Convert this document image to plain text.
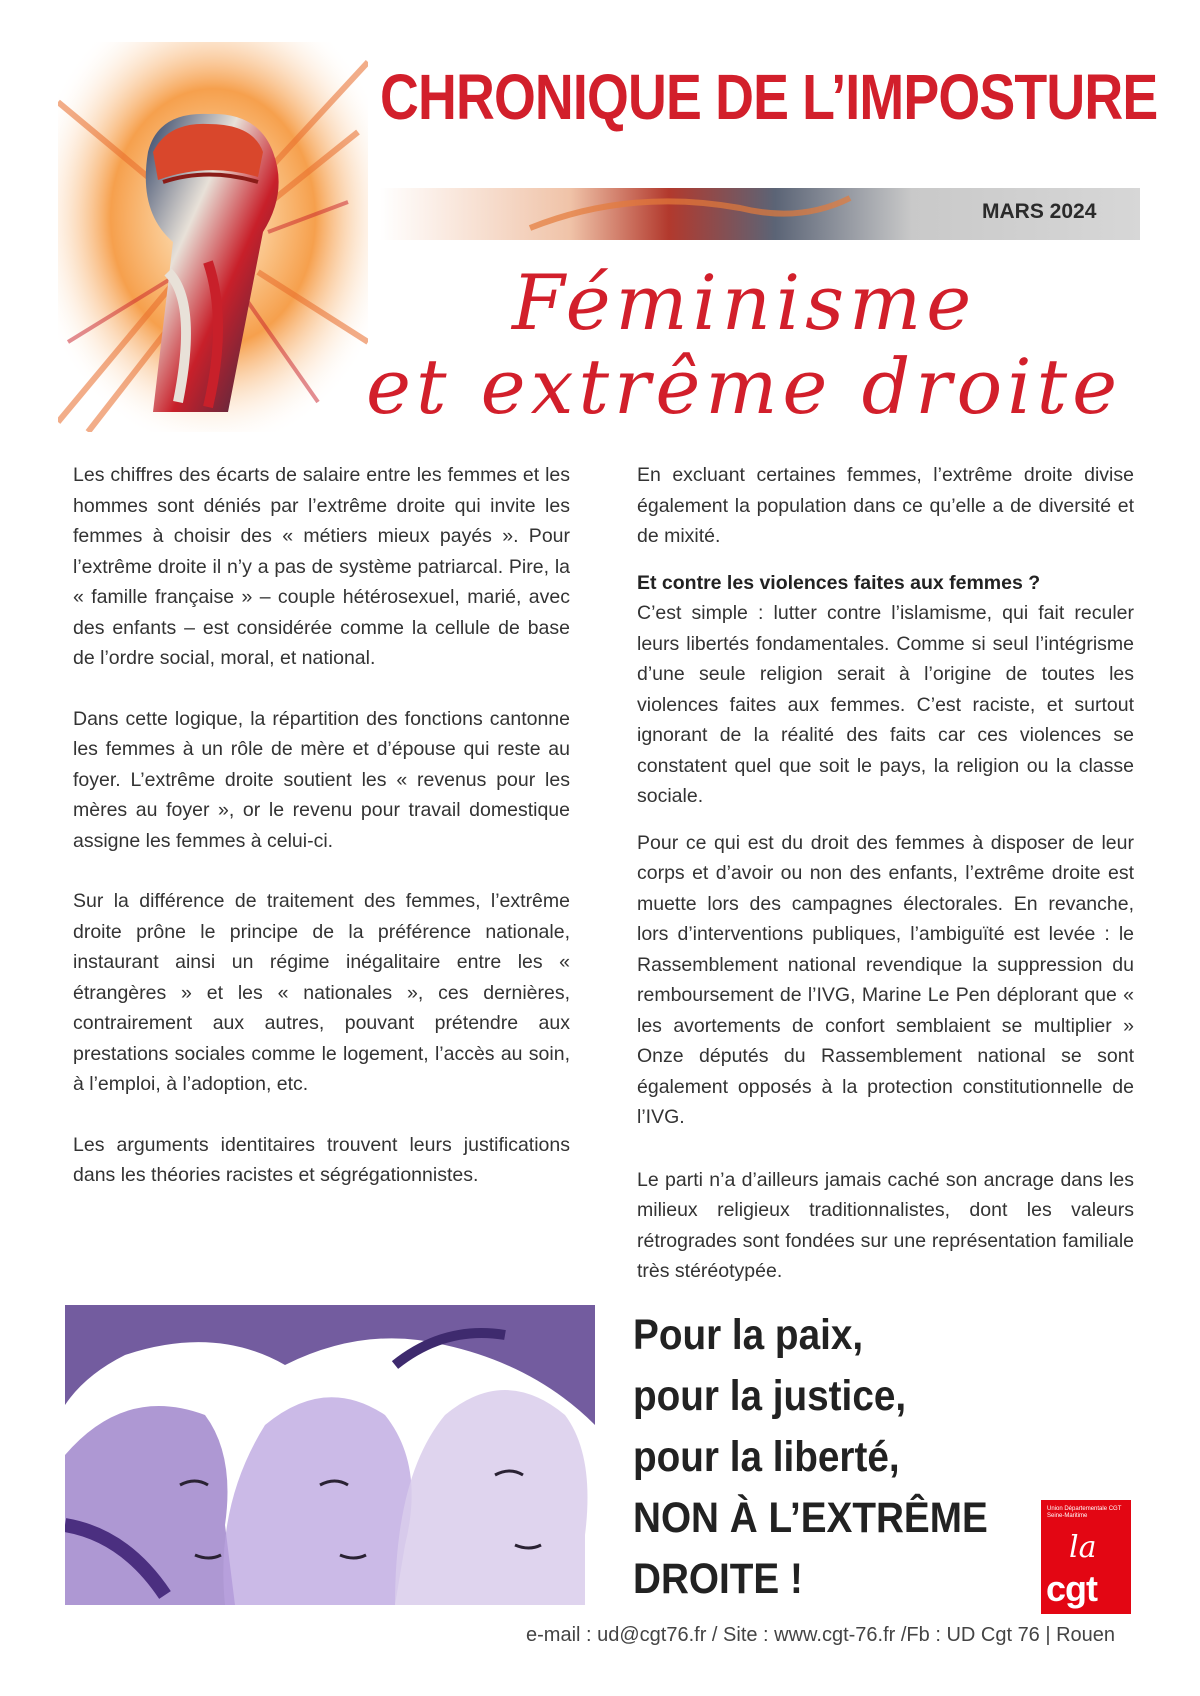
CHRONIQUE DE L’IMPOSTURE
MARS 2024
Féminisme
et extrême droite

Les chiffres des écarts de salaire entre les femmes et les hommes sont déniés par l’extrême droite qui invite les femmes à choisir des « métiers mieux payés ». Pour l’extrême droite il n’y a pas de système patriarcal. Pire, la « famille française » – couple hétérosexuel, marié, avec des enfants – est considérée comme la cellule de base de l’ordre social, moral, et national.

Dans cette logique, la répartition des fonctions cantonne les femmes à un rôle de mère et d’épouse qui reste au foyer. L’extrême droite soutient les « revenus pour les mères au foyer », or le revenu pour travail domestique assigne les femmes à celui-ci.

Sur la différence de traitement des femmes, l’extrême droite prône le principe de la préférence nationale, instaurant ainsi un régime inégalitaire entre les « étrangères » et les « nationales », ces dernières, contrairement aux autres, pouvant prétendre aux prestations sociales comme le logement, l’accès au soin, à l’emploi, à l’adoption, etc.

Les arguments identitaires trouvent leurs justifications dans les théories racistes et ségrégationnistes.

En excluant certaines femmes, l’extrême droite divise également la population dans ce qu’elle a de diversité et de mixité.

Et contre les violences faites aux femmes ?
C’est simple : lutter contre l’islamisme, qui fait reculer leurs libertés fondamentales. Comme si seul l’intégrisme d’une seule religion serait à l’origine de toutes les violences faites aux femmes. C’est raciste, et surtout ignorant de la réalité des faits car ces violences se constatent quel que soit le pays, la religion ou la classe sociale.

Pour ce qui est du droit des femmes à disposer de leur corps et d’avoir ou non des enfants, l’extrême droite est muette lors des campagnes électorales. En revanche, lors d’interventions publiques, l’ambiguïté est levée : le Rassemblement national revendique la suppression du remboursement de l’IVG, Marine Le Pen déplorant que « les avortements de confort semblaient se multiplier » Onze députés du Rassemblement national se sont également opposés à la protection constitutionnelle de l’IVG.

Le parti n’a d’ailleurs jamais caché son ancrage dans les milieux religieux traditionnalistes, dont les valeurs rétrogrades sont fondées sur une représentation familiale très stéréotypée.

Pour la paix,
pour la justice,
pour la liberté,
NON À L’EXTRÊME
DROITE !
Union Départementale CGT
Seine-Maritime
la
cgt
e-mail : ud@cgt76.fr / Site : www.cgt-76.fr /Fb : UD Cgt 76 | Rouen
